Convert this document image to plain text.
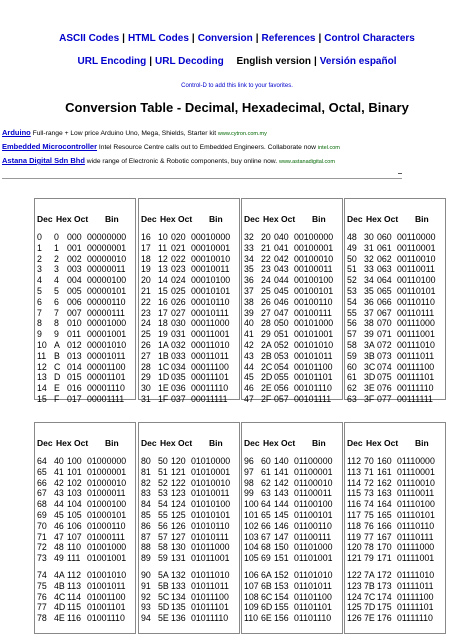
ASCII Codes | HTML Codes | Conversion | References | Control Characters
URL Encoding | URL Decoding English version | Versión español
Control-D to add this link to your favorites.
Conversion Table - Decimal, Hexadecimal, Octal, Binary
Arduino Full-range + Low price Arduino Uno, Mega, Shields, Starter kit www.cytron.com.my
Embedded Microcontroller Intel Resource Centre calls out to Embedded Engineers. Collaborate now intel.com
Astana Digital Sdn Bhd wide range of Electronic & Robotic components, buy online now. www.astanadigital.com
Dec Hex Oct Bin
0 0 000 00000000
1 1 001 00000001
2 2 002 00000010
3 3 003 00000011
4 4 004 00000100
5 5 005 00000101
6 6 006 00000110
7 7 007 00000111
8 8 010 00001000
9 9 011 00001001
10 A 012 00001010
11 B 013 00001011
12 C 014 00001100
13 D 015 00001101
14 E 016 00001110
15 F 017 00001111
Dec Hex Oct Bin
16 10 020 00010000
17 11 021 00010001
18 12 022 00010010
19 13 023 00010011
20 14 024 00010100
21 15 025 00010101
22 16 026 00010110
23 17 027 00010111
24 18 030 00011000
25 19 031 00011001
26 1A 032 00011010
27 1B 033 00011011
28 1C 034 00011100
29 1D 035 00011101
30 1E 036 00011110
31 1F 037 00011111
Dec Hex Oct Bin
32 20 040 00100000
33 21 041 00100001
34 22 042 00100010
35 23 043 00100011
36 24 044 00100100
37 25 045 00100101
38 26 046 00100110
39 27 047 00100111
40 28 050 00101000
41 29 051 00101001
42 2A 052 00101010
43 2B 053 00101011
44 2C 054 00101100
45 2D 055 00101101
46 2E 056 00101110
47 2F 057 00101111
Dec Hex Oct Bin
48 30 060 00110000
49 31 061 00110001
50 32 062 00110010
51 33 063 00110011
52 34 064 00110100
53 35 065 00110101
54 36 066 00110110
55 37 067 00110111
56 38 070 00111000
57 39 071 00111001
58 3A 072 00111010
59 3B 073 00111011
60 3C 074 00111100
61 3D 075 00111101
62 3E 076 00111110
63 3F 077 00111111
Dec Hex Oct Bin
64 40 100 01000000
65 41 101 01000001
66 42 102 01000010
67 43 103 01000011
68 44 104 01000100
69 45 105 01000101
70 46 106 01000110
71 47 107 01000111
72 48 110 01001000
73 49 111 01001001
74 4A 112 01001010
75 4B 113 01001011
76 4C 114 01001100
77 4D 115 01001101
78 4E 116 01001110
Dec Hex Oct Bin
80 50 120 01010000
81 51 121 01010001
82 52 122 01010010
83 53 123 01010011
84 54 124 01010100
85 55 125 01010101
86 56 126 01010110
87 57 127 01010111
88 58 130 01011000
89 59 131 01011001
90 5A 132 01011010
91 5B 133 01011011
92 5C 134 01011100
93 5D 135 01011101
94 5E 136 01011110
Dec Hex Oct Bin
96 60 140 01100000
97 61 141 01100001
98 62 142 01100010
99 63 143 01100011
100 64 144 01100100
101 65 145 01100101
102 66 146 01100110
103 67 147 01100111
104 68 150 01101000
105 69 151 01101001
106 6A 152 01101010
107 6B 153 01101011
108 6C 154 01101100
109 6D 155 01101101
110 6E 156 01101110
Dec Hex Oct Bin
112 70 160 01110000
113 71 161 01110001
114 72 162 01110010
115 73 163 01110011
116 74 164 01110100
117 75 165 01110101
118 76 166 01110110
119 77 167 01110111
120 78 170 01111000
121 79 171 01111001
122 7A 172 01111010
123 7B 173 01111011
124 7C 174 01111100
125 7D 175 01111101
126 7E 176 01111110
